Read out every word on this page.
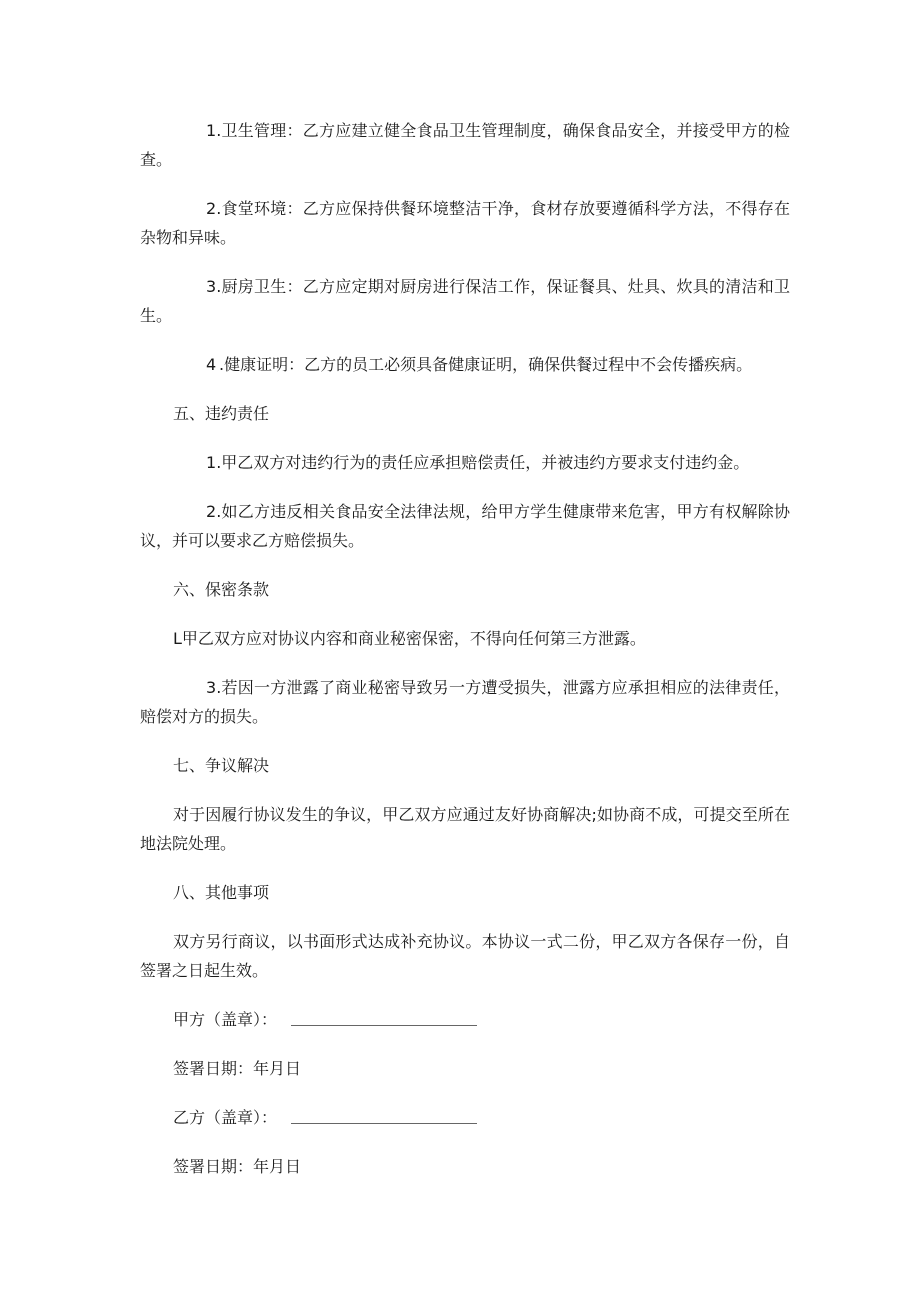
1.卫生管理：乙方应建立健全食品卫生管理制度，确保食品安全，并接受甲方的检查。

2.食堂环境：乙方应保持供餐环境整洁干净，食材存放要遵循科学方法，不得存在杂物和异味。

3.厨房卫生：乙方应定期对厨房进行保洁工作，保证餐具、灶具、炊具的清洁和卫生。

4 .健康证明：乙方的员工必须具备健康证明，确保供餐过程中不会传播疾病。

五、违约责任

1.甲乙双方对违约行为的责任应承担赔偿责任，并被违约方要求支付违约金。

2.如乙方违反相关食品安全法律法规，给甲方学生健康带来危害，甲方有权解除协议，并可以要求乙方赔偿损失。

六、保密条款

L甲乙双方应对协议内容和商业秘密保密，不得向任何第三方泄露。

3.若因一方泄露了商业秘密导致另一方遭受损失，泄露方应承担相应的法律责任，赔偿对方的损失。

七、争议解决

对于因履行协议发生的争议，甲乙双方应通过友好协商解决;如协商不成，可提交至所在地法院处理。

八、其他事项

双方另行商议，以书面形式达成补充协议。本协议一式二份，甲乙双方各保存一份，自签署之日起生效。

甲方（盖章）：
签署日期：年月日
乙方（盖章）：
签署日期：年月日
